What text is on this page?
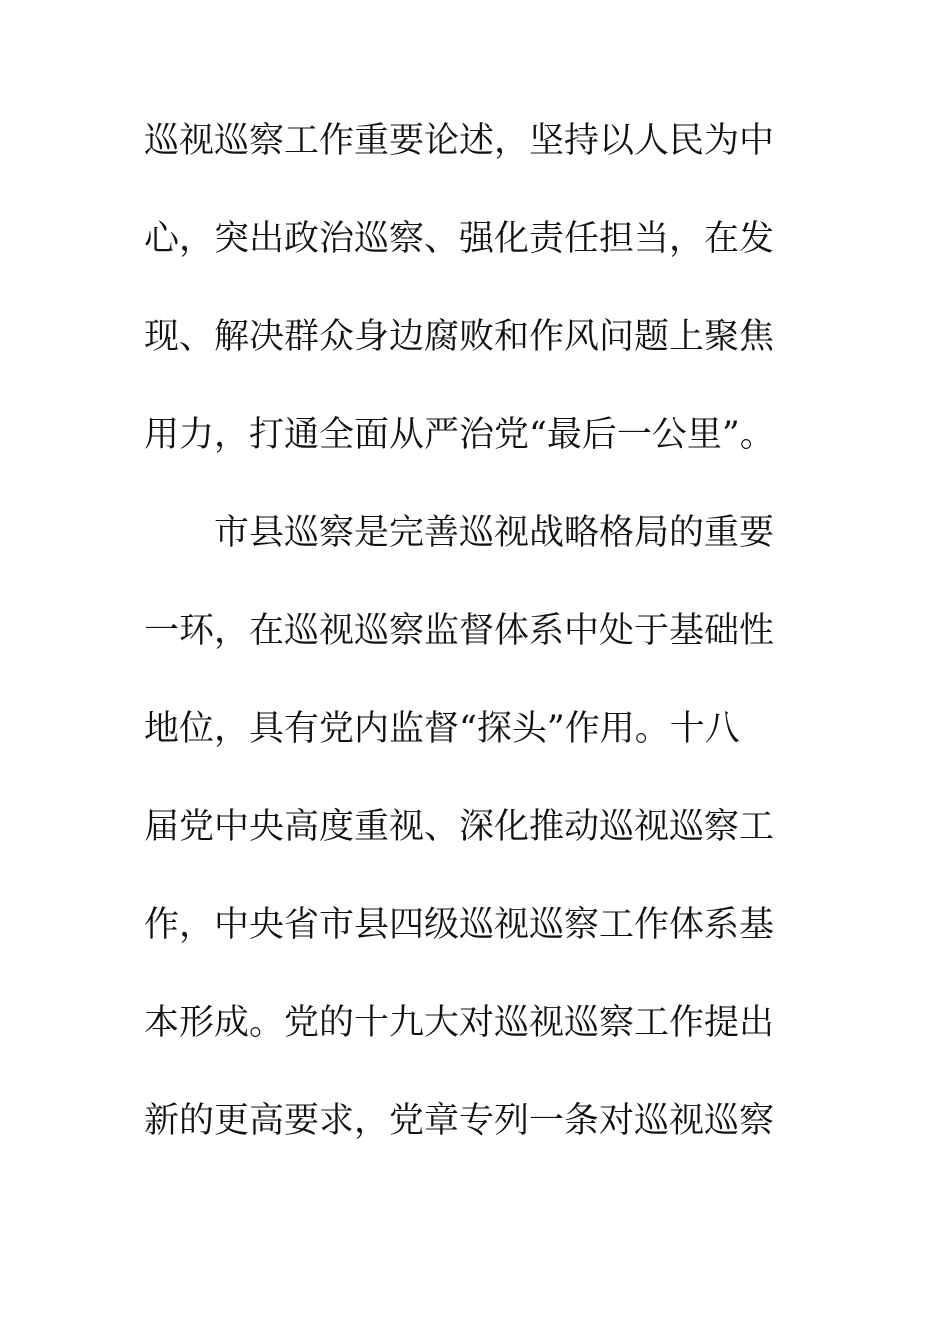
巡视巡察工作重要论述，坚持以人民为中
心，突出政治巡察、强化责任担当，在发
现、解决群众身边腐败和作风问题上聚焦
用力，打通全面从严治党“最后一公里”。
市县巡察是完善巡视战略格局的重要
一环，在巡视巡察监督体系中处于基础性
地位，具有党内监督“探头”作用。十八
届党中央高度重视、深化推动巡视巡察工
作，中央省市县四级巡视巡察工作体系基
本形成。党的十九大对巡视巡察工作提出
新的更高要求，党章专列一条对巡视巡察
